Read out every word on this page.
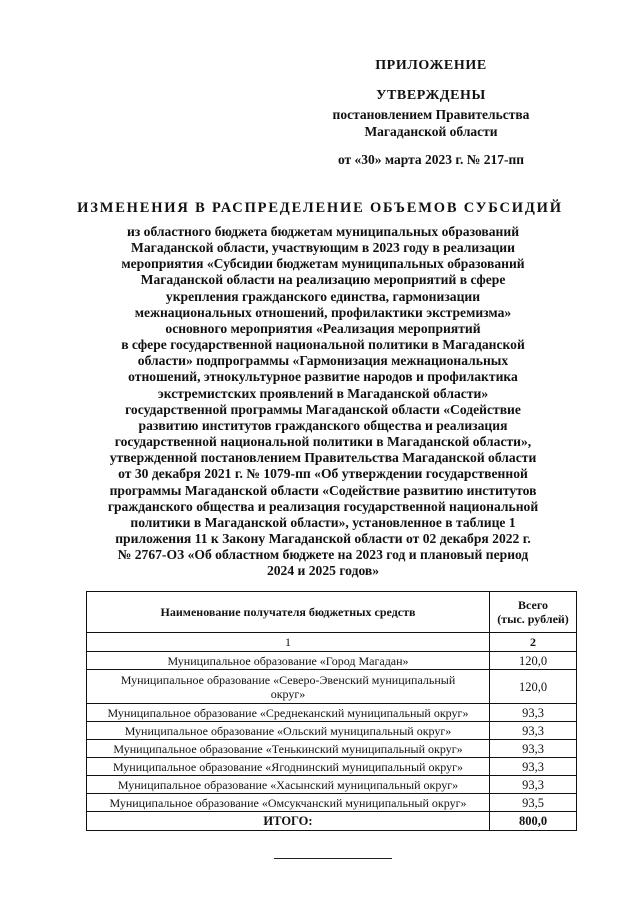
ПРИЛОЖЕНИЕ
УТВЕРЖДЕНЫ
постановлением Правительства
Магаданской области
от «30» марта 2023 г. № 217-пп
ИЗМЕНЕНИЯ В РАСПРЕДЕЛЕНИЕ ОБЪЕМОВ СУБСИДИЙ
из областного бюджета бюджетам муниципальных образований
Магаданской области, участвующим в 2023 году в реализации
мероприятия «Субсидии бюджетам муниципальных образований
Магаданской области на реализацию мероприятий в сфере
укрепления гражданского единства, гармонизации
межнациональных отношений, профилактики экстремизма»
основного мероприятия «Реализация мероприятий
в сфере государственной национальной политики в Магаданской
области» подпрограммы «Гармонизация межнациональных
отношений, этнокультурное развитие народов и профилактика
экстремистских проявлений в Магаданской области»
государственной программы Магаданской области «Содействие
развитию институтов гражданского общества и реализация
государственной национальной политики в Магаданской области»,
утвержденной постановлением Правительства Магаданской области
от 30 декабря 2021 г. № 1079-пп «Об утверждении государственной
программы Магаданской области «Содействие развитию институтов
гражданского общества и реализация государственной национальной
политики в Магаданской области», установленное в таблице 1
приложения 11 к Закону Магаданской области от 02 декабря 2022 г.
№ 2767-ОЗ «Об областном бюджете на 2023 год и плановый период
2024 и 2025 годов»
Наименование получателя бюджетных средств	Всего
(тыс. рублей)

1	2
Муниципальное образование «Город Магадан»	120,0

Муниципальное образование «Северо-Эвенский муниципальный
округ»	120,0
Муниципальное образование «Среднеканский муниципальный округ»	93,3
Муниципальное образование «Ольский муниципальный округ»	93,3
Муниципальное образование «Тенькинский муниципальный округ»	93,3
Муниципальное образование «Ягоднинский муниципальный округ»	93,3
Муниципальное образование «Хасынский муниципальный округ»	93,3
Муниципальное образование «Омсукчанский муниципальный округ»	93,5
ИТОГО:	800,0
